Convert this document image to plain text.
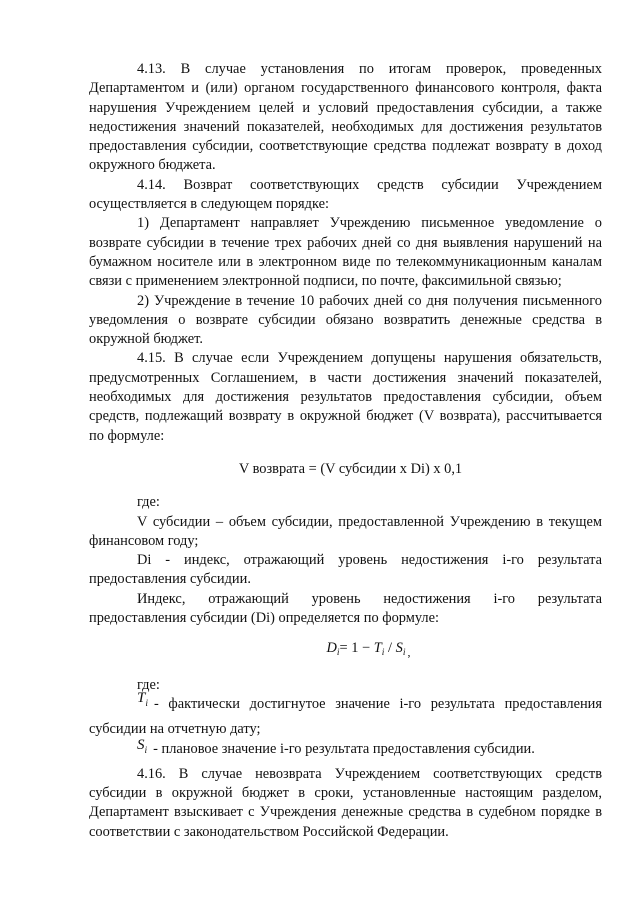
4.13. В случае установления по итогам проверок, проведенных Департаментом и (или) органом государственного финансового контроля, факта нарушения Учреждением целей и условий предоставления субсидии, а также недостижения значений показателей, необходимых для достижения результатов предоставления субсидии, соответствующие средства подлежат возврату в доход окружного бюджета.

4.14. Возврат соответствующих средств субсидии Учреждением осуществляется в следующем порядке:

1) Департамент направляет Учреждению письменное уведомление о возврате субсидии в течение трех рабочих дней со дня выявления нарушений на бумажном носителе или в электронном виде по телекоммуникационным каналам связи с применением электронной подписи, по почте, факсимильной связью;

2) Учреждение в течение 10 рабочих дней со дня получения письменного уведомления о возврате субсидии обязано возвратить денежные средства в окружной бюджет.

4.15. В случае если Учреждением допущены нарушения обязательств, предусмотренных Соглашением, в части достижения значений показателей, необходимых для достижения результатов предоставления субсидии, объем средств, подлежащий возврату в окружной бюджет (V возврата), рассчитывается по формуле:

V возврата = (V субсидии x Di) x 0,1

где:

V субсидии – объем субсидии, предоставленной Учреждению в текущем финансовом году;

Di - индекс, отражающий уровень недостижения i-го результата предоставления субсидии.

Индекс, отражающий уровень недостижения i-го результата предоставления субсидии (Di) определяется по формуле:

$D_i= 1 - T_i / S_i$ $_,$

где:

$T_i$ - фактически достигнутое значение i-го результата предоставления субсидии на отчетную дату;

$S_i$ - плановое значение i-го результата предоставления субсидии.

4.16. В случае невозврата Учреждением соответствующих средств субсидии в окружной бюджет в сроки, установленные настоящим разделом, Департамент взыскивает с Учреждения денежные средства в судебном порядке в соответствии с законодательством Российской Федерации.
